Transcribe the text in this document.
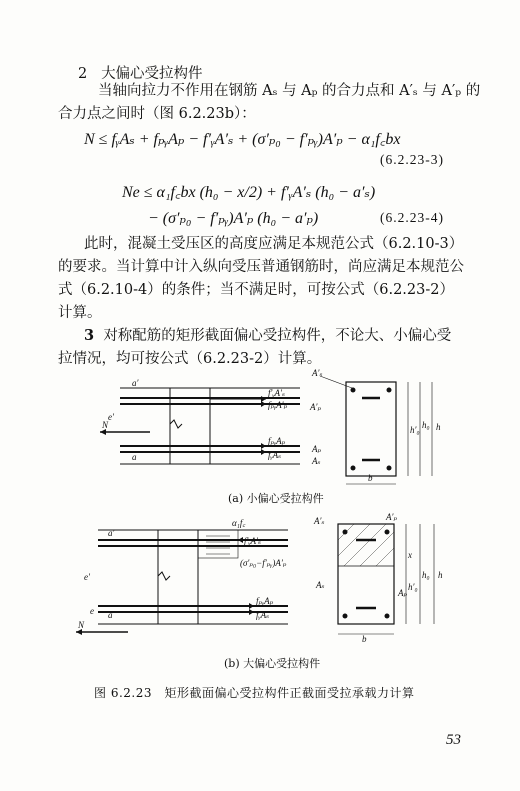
2 大偏心受拉构件
当轴向拉力不作用在钢筋 Aₛ 与 Aₚ 的合力点和 A′ₛ 与 A′ₚ 的
合力点之间时（图 6.2.23b）：
N ≤ fᵧAₛ + fₚᵧAₚ − f′ᵧA′ₛ + (σ′ₚ₀ − f′ₚᵧ)A′ₚ − α₁f꜀bx
(6.2.23-3)
Ne ≤ α₁f꜀bx (h₀ − x/2) + f′ᵧA′ₛ (h₀ − a′ₛ)
− (σ′ₚ₀ − f′ₚᵧ)A′ₚ (h₀ − a′ₚ)	(6.2.23-4)
此时，混凝土受压区的高度应满足本规范公式（6.2.10-3）
的要求。当计算中计入纵向受压普通钢筋时，尚应满足本规范公
式（6.2.10-4）的条件；当不满足时，可按公式（6.2.23-2）
计算。
3 对称配筋的矩形截面偏心受拉构件，不论大、小偏心受
拉情况，均可按公式（6.2.23-2）计算。
f′ᵧA′ₛ
fₚᵧA′ₚ
fₚᵧAₚ
fᵧAₛ
N
e′
a′
a
A′ₛ
A′ₚ
Aₚ
Aₛ
h′₀ h₀ h
b
(a) 小偏心受拉构件
α₁f꜀
f′ᵧA′ₛ
(σ′ₚ₀−f′ₚᵧ)A′ₚ
fₚᵧAₚ
fᵧAₛ
N
e′
e
a′
a
A′ₛ	A′ₚ
Aₛ
Aₚ
x
h′₀
h₀ h
b
(b) 大偏心受拉构件
图 6.2.23　矩形截面偏心受拉构件正截面受拉承载力计算
53
